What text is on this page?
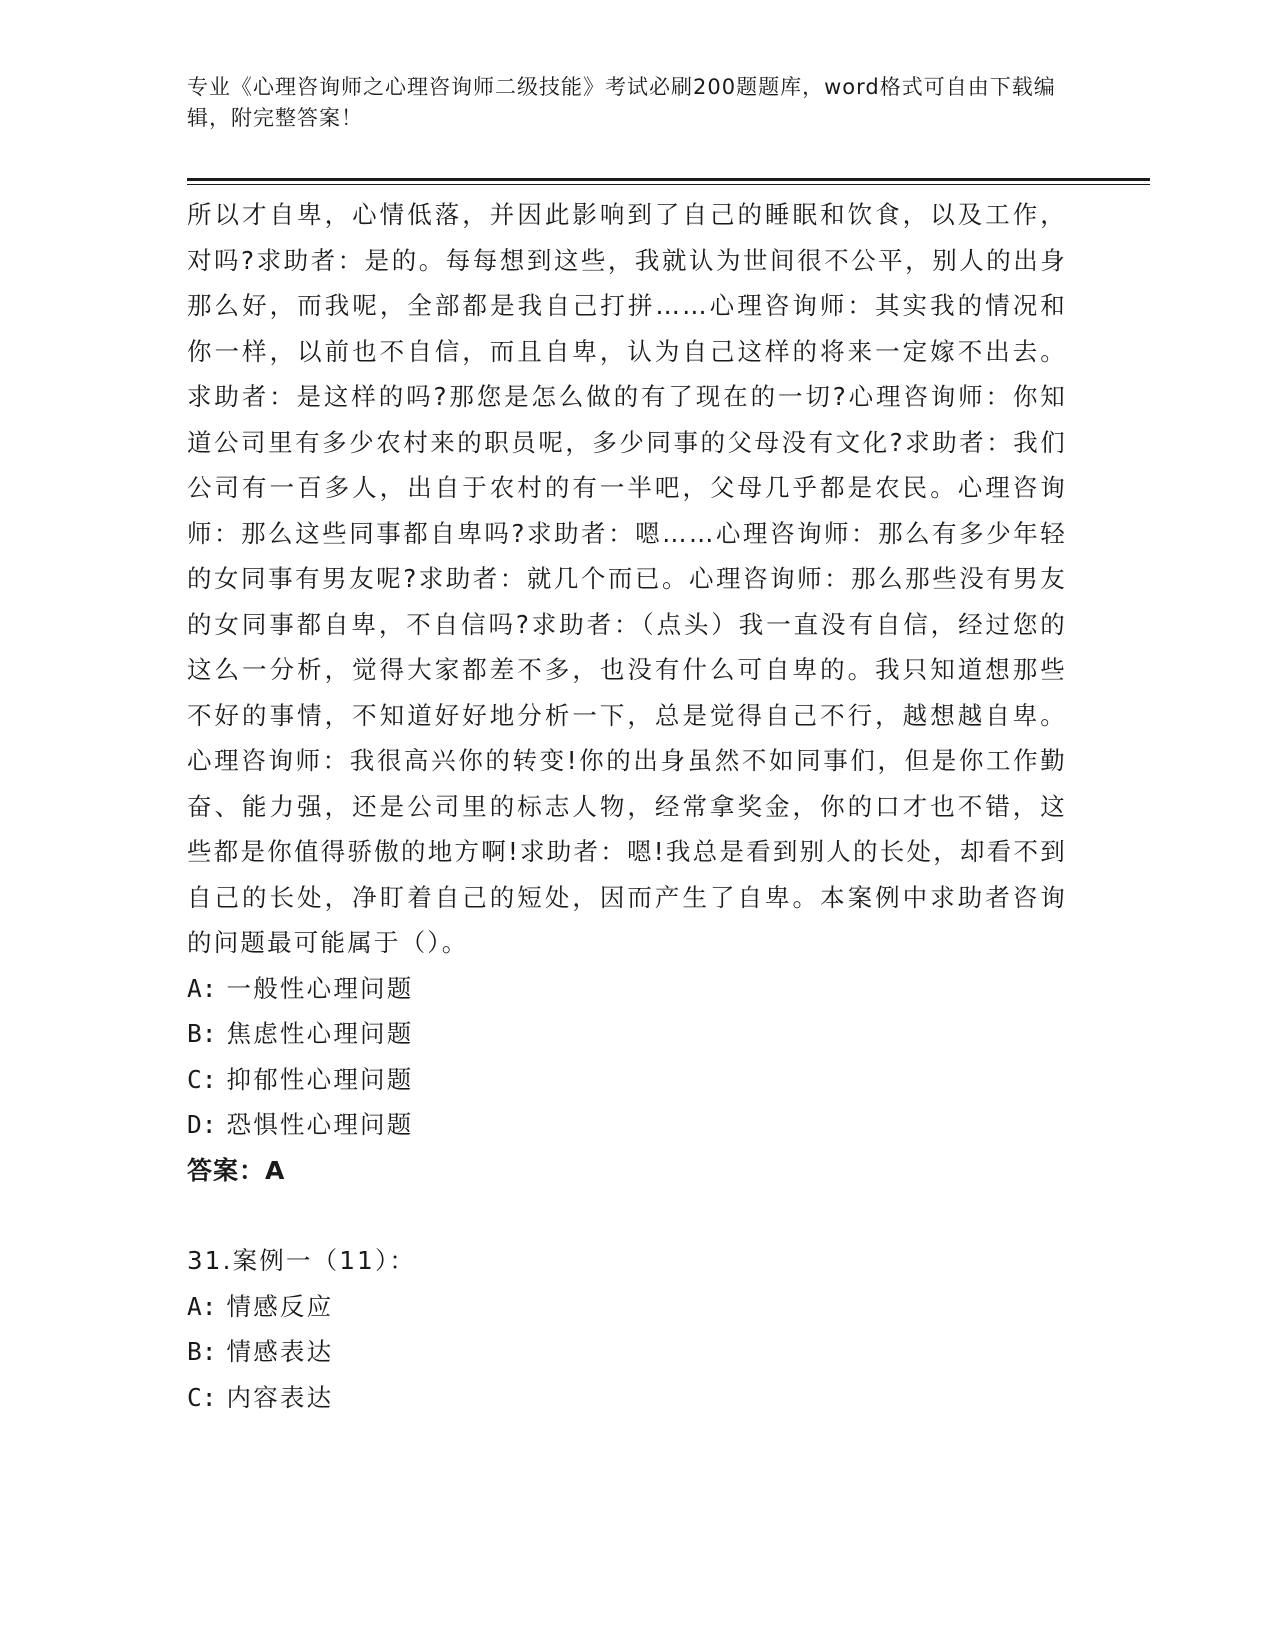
专业《心理咨询师之心理咨询师二级技能》考试必刷200题题库，word格式可自由下载编辑，附完整答案！

所以才自卑，心情低落，并因此影响到了自己的睡眠和饮食，以及工作，对吗?求助者：是的。每每想到这些，我就认为世间很不公平，别人的出身那么好，而我呢，全部都是我自己打拼……心理咨询师：其实我的情况和你一样，以前也不自信，而且自卑，认为自己这样的将来一定嫁不出去。求助者：是这样的吗?那您是怎么做的有了现在的一切?心理咨询师：你知道公司里有多少农村来的职员呢，多少同事的父母没有文化?求助者：我们公司有一百多人，出自于农村的有一半吧，父母几乎都是农民。心理咨询师：那么这些同事都自卑吗?求助者：嗯……心理咨询师：那么有多少年轻的女同事有男友呢?求助者：就几个而已。心理咨询师：那么那些没有男友的女同事都自卑，不自信吗?求助者：（点头）我一直没有自信，经过您的这么一分析，觉得大家都差不多，也没有什么可自卑的。我只知道想那些不好的事情，不知道好好地分析一下，总是觉得自己不行，越想越自卑。心理咨询师：我很高兴你的转变!你的出身虽然不如同事们，但是你工作勤奋、能力强，还是公司里的标志人物，经常拿奖金，你的口才也不错，这些都是你值得骄傲的地方啊!求助者：嗯!我总是看到别人的长处，却看不到自己的长处，净盯着自己的短处，因而产生了自卑。本案例中求助者咨询的问题最可能属于（）。

A: 一般性心理问题

B: 焦虑性心理问题

C: 抑郁性心理问题

D: 恐惧性心理问题

答案：A

31.案例一（11）：

A: 情感反应

B: 情感表达

C: 内容表达
